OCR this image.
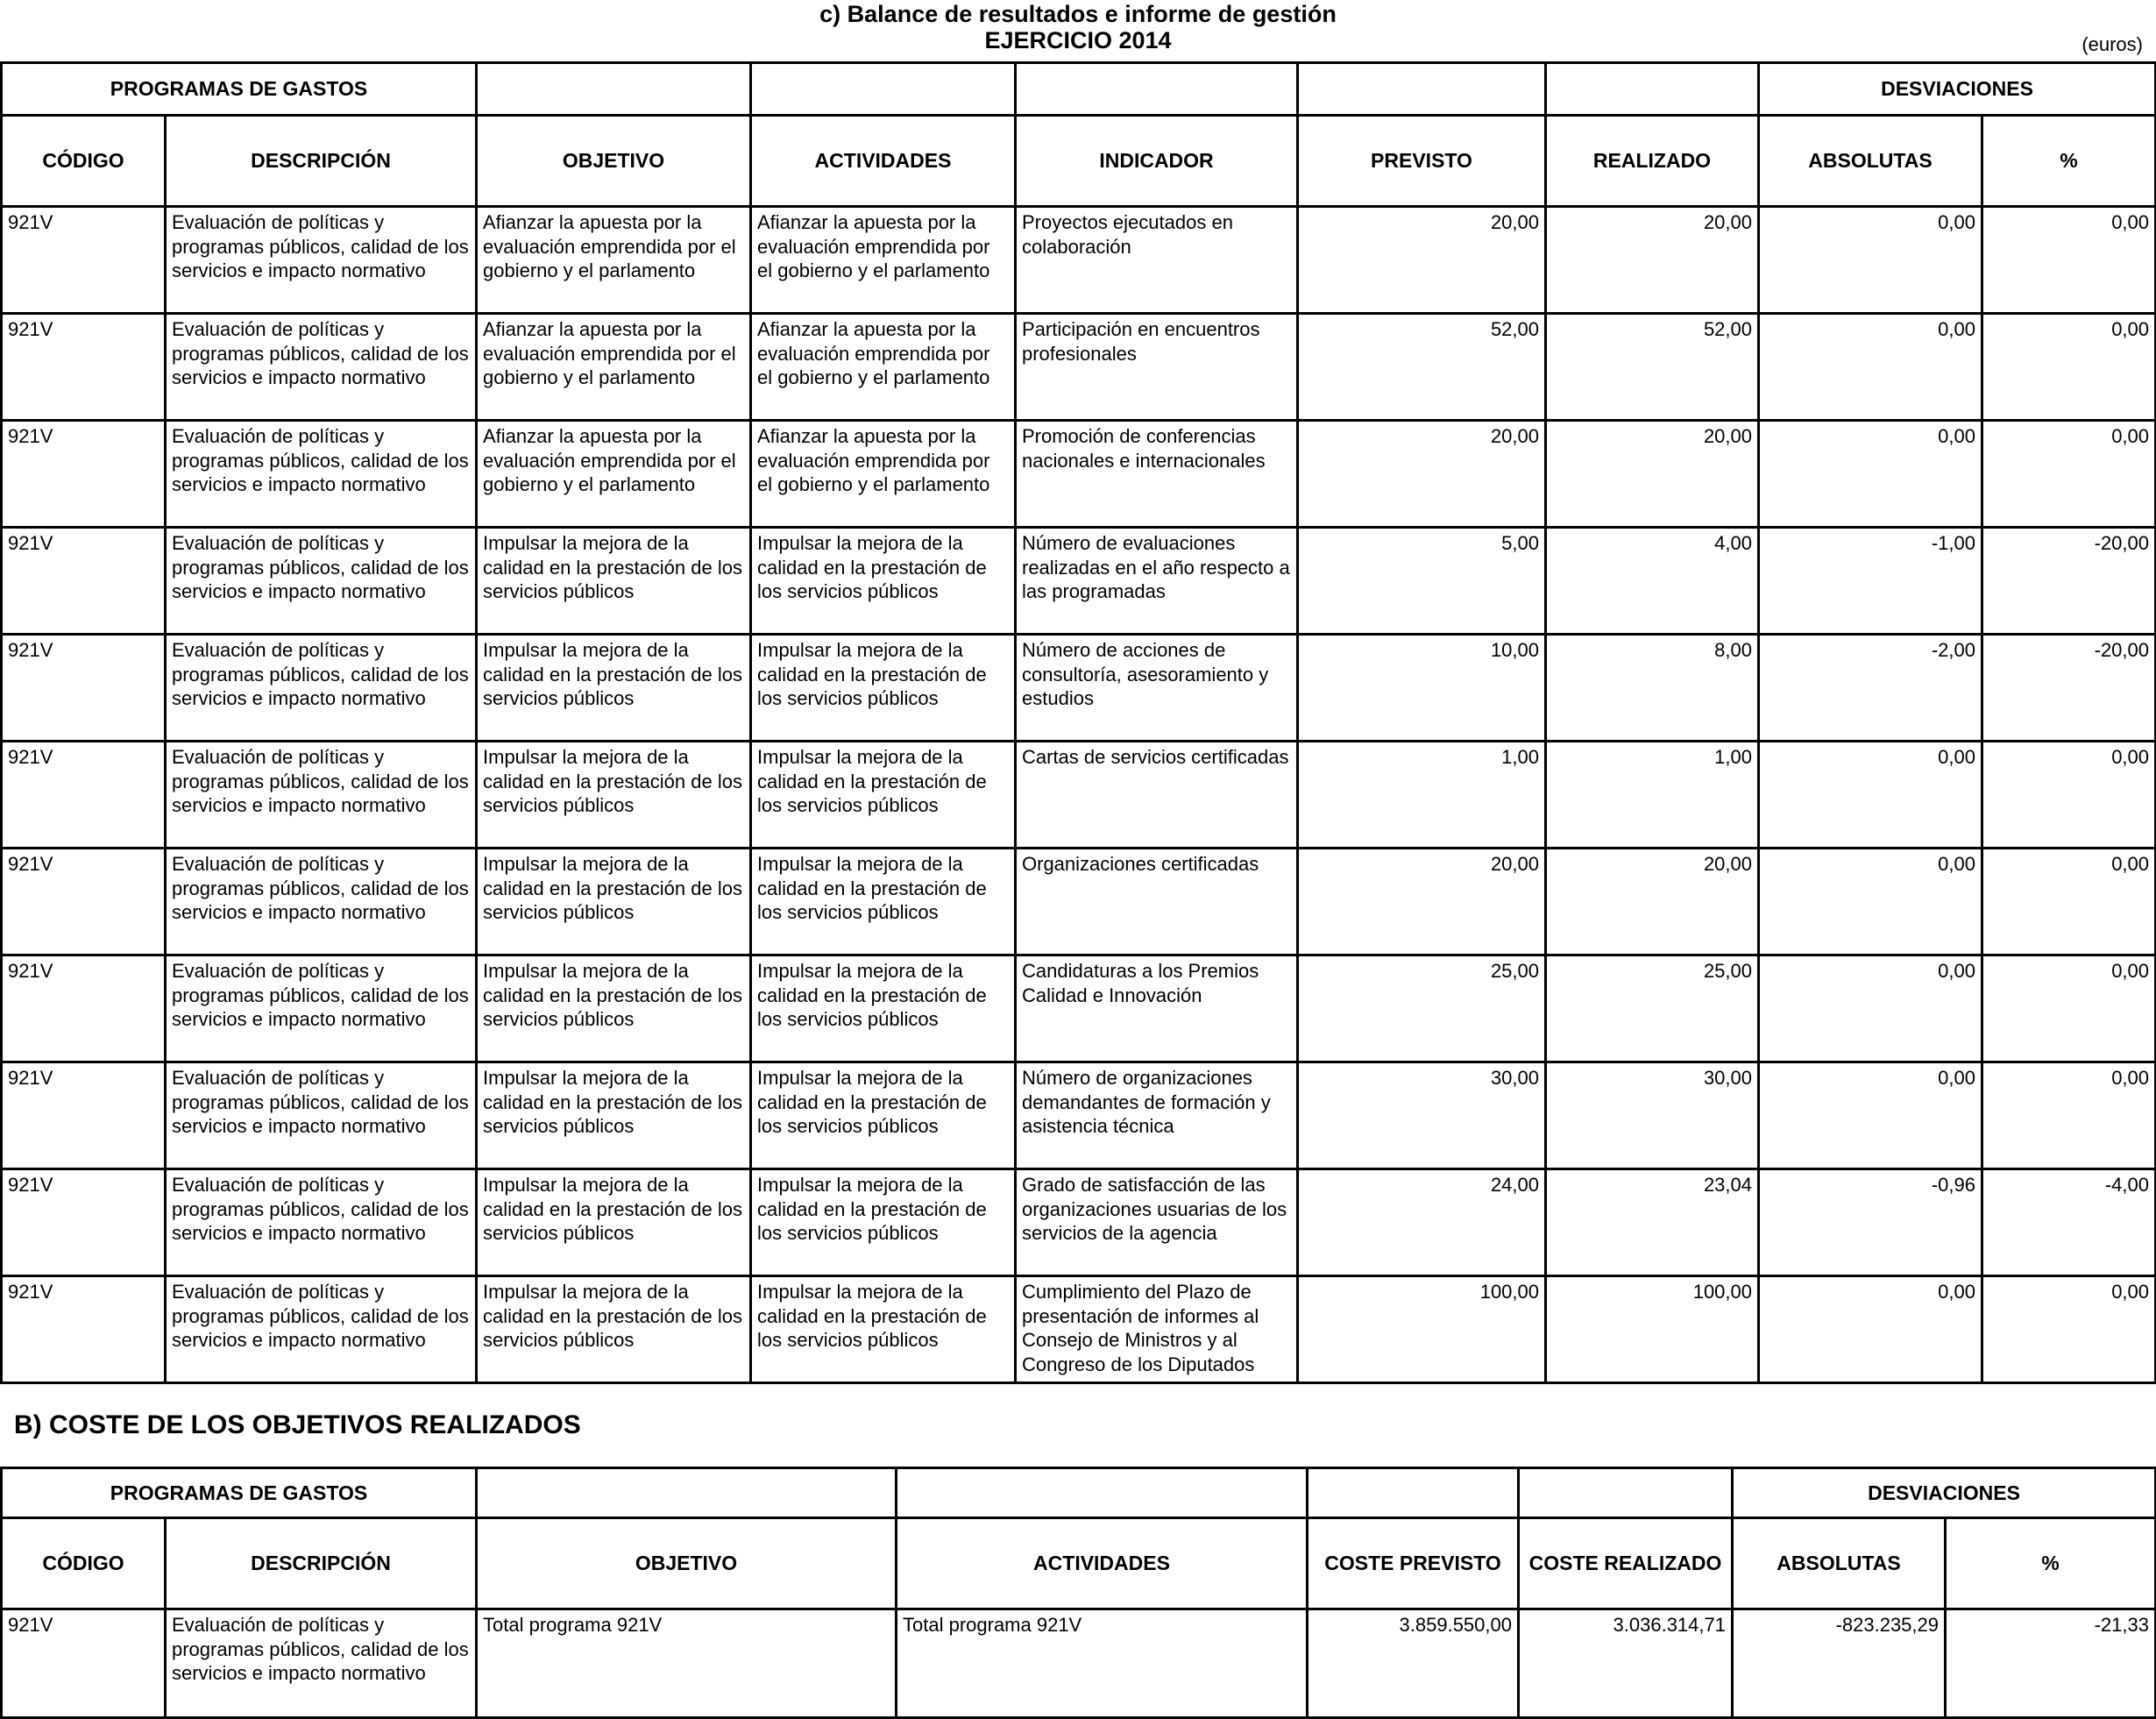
c) Balance de resultados e informe de gestión
EJERCICIO 2014	(euros)
PROGRAMAS DE GASTOS							DESVIACIONES	
CÓDIGO	DESCRIPCIÓN	OBJETIVO	ACTIVIDADES	INDICADOR	PREVISTO	REALIZADO	ABSOLUTAS	%
921V	Evaluación de políticas y programas públicos, calidad de los servicios e impacto normativo	Afianzar la apuesta por la evaluación emprendida por el gobierno y el parlamento	Afianzar la apuesta por la evaluación emprendida por el gobierno y el parlamento	Proyectos ejecutados en colaboración	20,00	20,00	0,00	0,00
921V	Evaluación de políticas y programas públicos, calidad de los servicios e impacto normativo	Afianzar la apuesta por la evaluación emprendida por el gobierno y el parlamento	Afianzar la apuesta por la evaluación emprendida por el gobierno y el parlamento	Participación en encuentros profesionales	52,00	52,00	0,00	0,00
921V	Evaluación de políticas y programas públicos, calidad de los servicios e impacto normativo	Afianzar la apuesta por la evaluación emprendida por el gobierno y el parlamento	Afianzar la apuesta por la evaluación emprendida por el gobierno y el parlamento	Promoción de conferencias nacionales e internacionales	20,00	20,00	0,00	0,00
921V	Evaluación de políticas y programas públicos, calidad de los servicios e impacto normativo	Impulsar la mejora de la calidad en la prestación de los servicios públicos	Impulsar la mejora de la calidad en la prestación de los servicios públicos	Número de evaluaciones realizadas en el año respecto a las programadas	5,00	4,00	-1,00	-20,00
921V	Evaluación de políticas y programas públicos, calidad de los servicios e impacto normativo	Impulsar la mejora de la calidad en la prestación de los servicios públicos	Impulsar la mejora de la calidad en la prestación de los servicios públicos	Número de acciones de consultoría, asesoramiento y estudios	10,00	8,00	-2,00	-20,00
921V	Evaluación de políticas y programas públicos, calidad de los servicios e impacto normativo	Impulsar la mejora de la calidad en la prestación de los servicios públicos	Impulsar la mejora de la calidad en la prestación de los servicios públicos	Cartas de servicios certificadas	1,00	1,00	0,00	0,00
921V	Evaluación de políticas y programas públicos, calidad de los servicios e impacto normativo	Impulsar la mejora de la calidad en la prestación de los servicios públicos	Impulsar la mejora de la calidad en la prestación de los servicios públicos	Organizaciones certificadas	20,00	20,00	0,00	0,00
921V	Evaluación de políticas y programas públicos, calidad de los servicios e impacto normativo	Impulsar la mejora de la calidad en la prestación de los servicios públicos	Impulsar la mejora de la calidad en la prestación de los servicios públicos	Candidaturas a los Premios Calidad e Innovación	25,00	25,00	0,00	0,00
921V	Evaluación de políticas y programas públicos, calidad de los servicios e impacto normativo	Impulsar la mejora de la calidad en la prestación de los servicios públicos	Impulsar la mejora de la calidad en la prestación de los servicios públicos	Número de organizaciones demandantes de formación y asistencia técnica	30,00	30,00	0,00	0,00
921V	Evaluación de políticas y programas públicos, calidad de los servicios e impacto normativo	Impulsar la mejora de la calidad en la prestación de los servicios públicos	Impulsar la mejora de la calidad en la prestación de los servicios públicos	Grado de satisfacción de las organizaciones usuarias de los servicios de la agencia	24,00	23,04	-0,96	-4,00
921V	Evaluación de políticas y programas públicos, calidad de los servicios e impacto normativo	Impulsar la mejora de la calidad en la prestación de los servicios públicos	Impulsar la mejora de la calidad en la prestación de los servicios públicos	Cumplimiento del Plazo de presentación de informes al Consejo de Ministros y al Congreso de los Diputados	100,00	100,00	0,00	0,00
B) COSTE DE LOS OBJETIVOS REALIZADOS
PROGRAMAS DE GASTOS						DESVIACIONES	
CÓDIGO	DESCRIPCIÓN	OBJETIVO	ACTIVIDADES	COSTE PREVISTO	COSTE REALIZADO	ABSOLUTAS	%
921V	Evaluación de políticas y programas públicos, calidad de los servicios e impacto normativo	Total programa 921V	Total programa 921V	3.859.550,00	3.036.314,71	-823.235,29	-21,33
